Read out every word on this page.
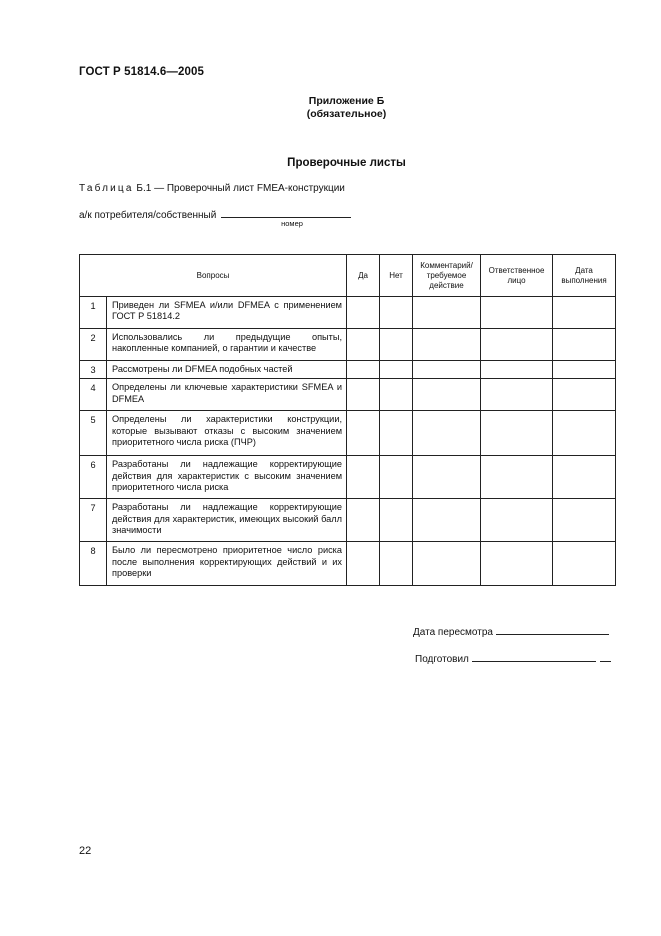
ГОСТ Р 51814.6—2005
Приложение Б
(обязательное)
Проверочные листы
Таблица Б.1 — Проверочный лист FMEA-конструкции
а/к потребителя/собственный
номер
Вопросы		Да	Нет	Комментарий/ требуемое действие	Ответственное лицо	Дата выполнения
1	Приведен ли SFMEA и/или DFMEA с применением ГОСТ Р 51814.2					
2	Использовались ли предыдущие опыты, накопленные компанией, о гарантии и качестве					
3	Рассмотрены ли DFMEA подобных частей					
4	Определены ли ключевые характеристики SFMEA и DFMEA					
5	Определены ли характеристики конструкции, которые вызывают отказы с высоким значением приоритетного числа риска (ПЧР)					
6	Разработаны ли надлежащие корректирующие действия для характеристик с высоким значением приоритетного числа риска					
7	Разработаны ли надлежащие корректирующие действия для характеристик, имеющих высокий балл значимости					
8	Было ли пересмотрено приоритетное число риска после выполнения корректирующих действий и их проверки					
Дата пересмотра
Подготовил
22
